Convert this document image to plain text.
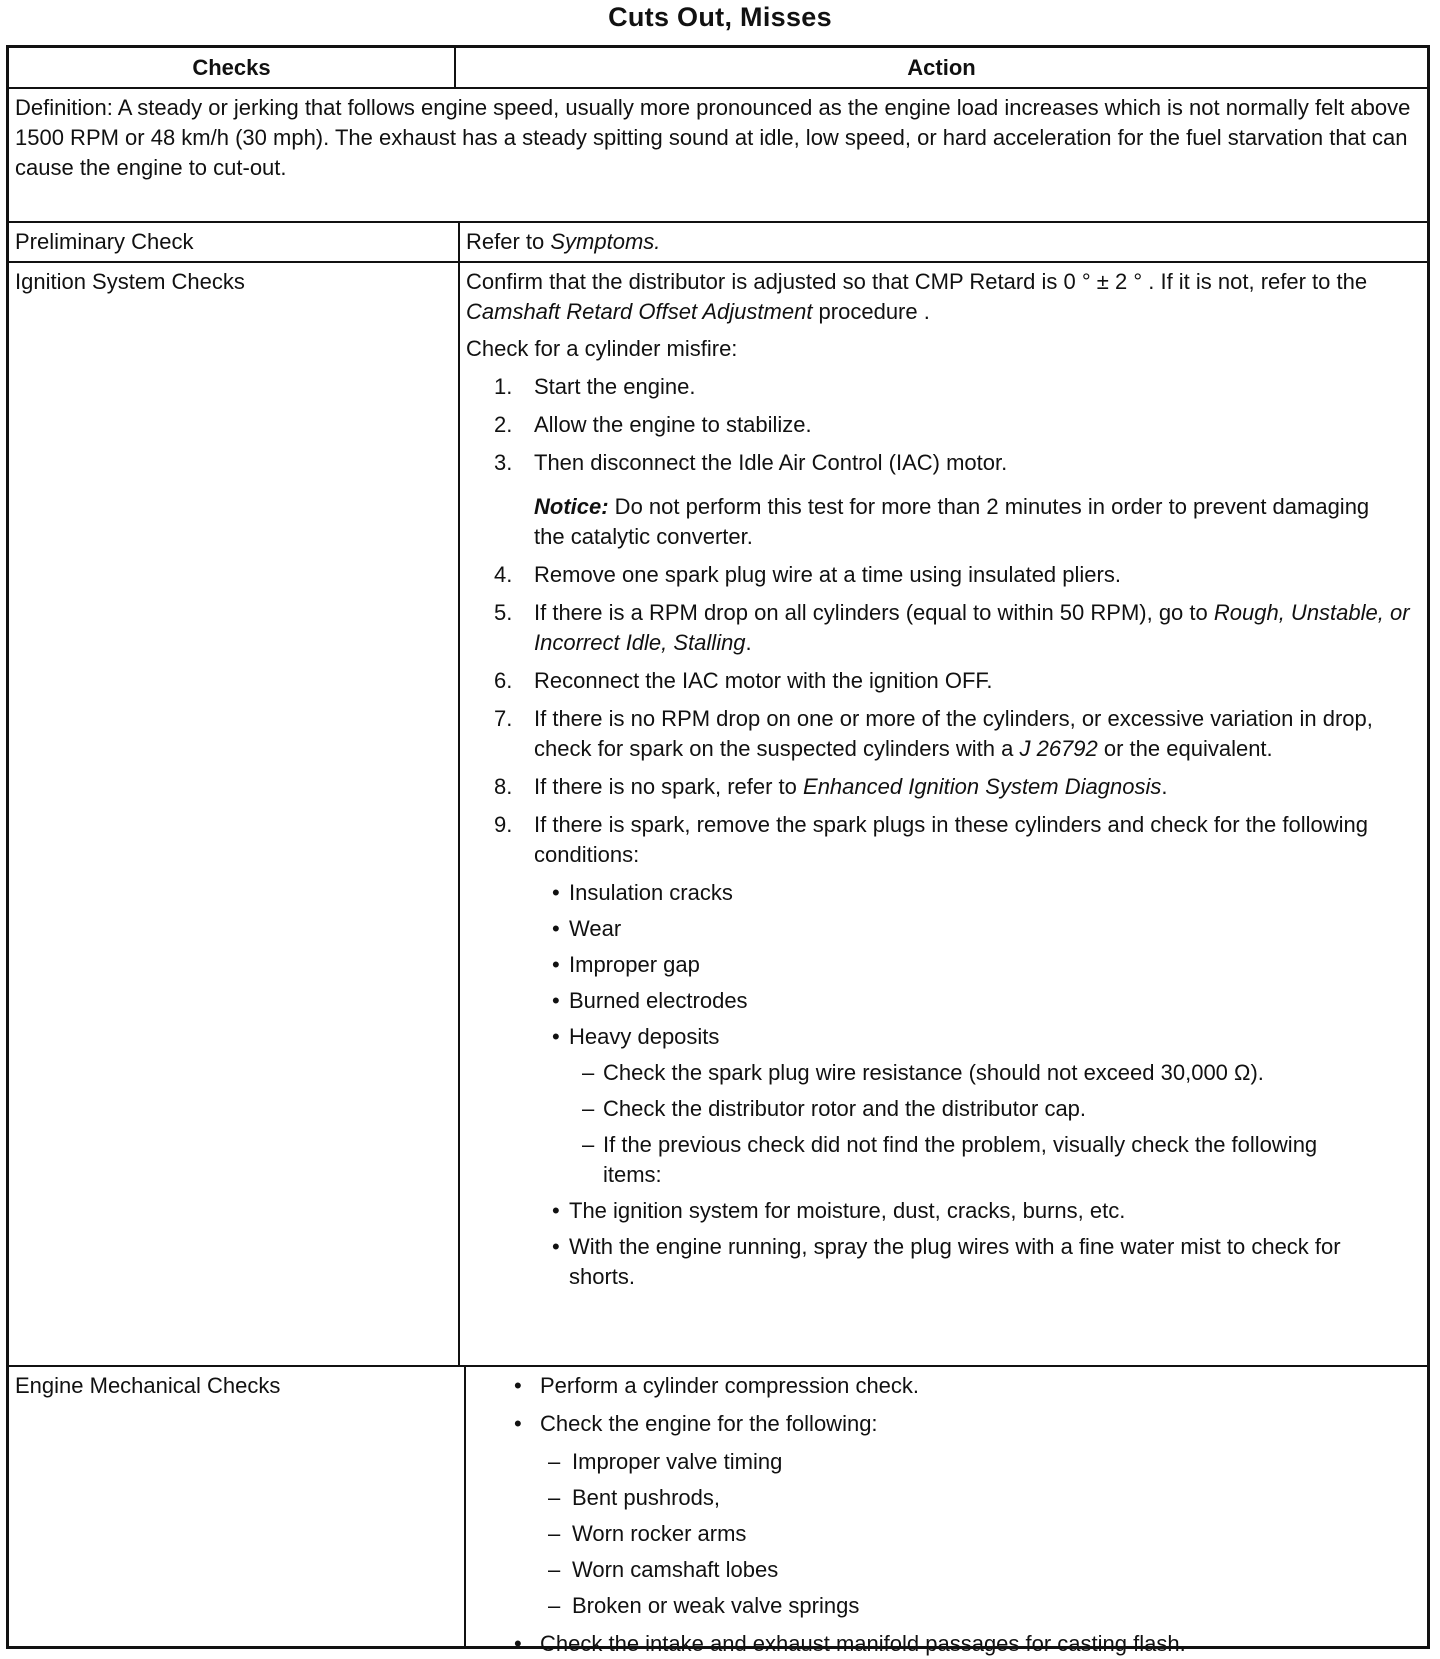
Cuts Out, Misses
Checks	Action
Definition: A steady or jerking that follows engine speed, usually more pronounced as the engine load increases which is not normally felt above 1500 RPM or 48 km/h (30 mph). The exhaust has a steady spitting sound at idle, low speed, or hard acceleration for the fuel starvation that can cause the engine to cut-out.
Preliminary Check	Refer to Symptoms.
Ignition System Checks	Confirm that the distributor is adjusted so that CMP Retard is 0 ° ± 2 ° . If it is not, refer to the Camshaft Retard Offset Adjustment procedure .
Check for a cylinder misfire:
1. Start the engine.
2. Allow the engine to stabilize.
3. Then disconnect the Idle Air Control (IAC) motor.
Notice: Do not perform this test for more than 2 minutes in order to prevent damaging the catalytic converter.
4. Remove one spark plug wire at a time using insulated pliers.
5. If there is a RPM drop on all cylinders (equal to within 50 RPM), go to Rough, Unstable, or Incorrect Idle, Stalling.
6. Reconnect the IAC motor with the ignition OFF.
7. If there is no RPM drop on one or more of the cylinders, or excessive variation in drop, check for spark on the suspected cylinders with a J 26792 or the equivalent.
8. If there is no spark, refer to Enhanced Ignition System Diagnosis.
9. If there is spark, remove the spark plugs in these cylinders and check for the following conditions:
• Insulation cracks
• Wear
• Improper gap
• Burned electrodes
• Heavy deposits
– Check the spark plug wire resistance (should not exceed 30,000 Ω).
– Check the distributor rotor and the distributor cap.
– If the previous check did not find the problem, visually check the following items:
• The ignition system for moisture, dust, cracks, burns, etc.
• With the engine running, spray the plug wires with a fine water mist to check for shorts.
Engine Mechanical Checks	• Perform a cylinder compression check.
• Check the engine for the following:
– Improper valve timing
– Bent pushrods,
– Worn rocker arms
– Worn camshaft lobes
– Broken or weak valve springs
• Check the intake and exhaust manifold passages for casting flash.
